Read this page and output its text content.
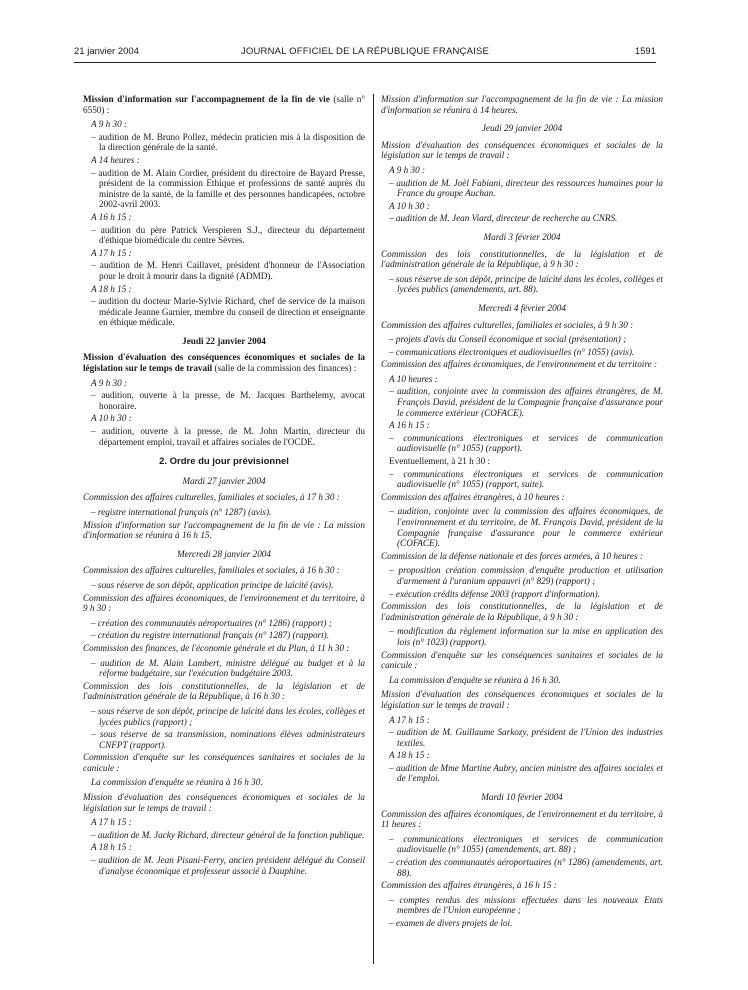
21 janvier 2004	JOURNAL OFFICIEL DE LA RÉPUBLIQUE FRANÇAISE	1591

Mission d'information sur l'accompagnement de la fin de vie (salle n° 6550) :

A 9 h 30 :
– audition de M. Bruno Pollez, médecin praticien mis à la disposition de la direction générale de la santé.
A 14 heures :
– audition de M. Alain Cordier, président du directoire de Bayard Presse, président de la commission Ethique et professions de santé auprès du ministre de la santé, de la famille et des personnes handicapées, octobre 2002-avril 2003.
A 16 h 15 :
– audition du père Patrick Verspieren S.J., directeur du département d'éthique biomédicale du centre Sèvres.
A 17 h 15 :
– audition de M. Henri Caillavet, président d'honneur de l'Association pour le droit à mourir dans la dignité (ADMD).
A 18 h 15 :
– audition du docteur Marie-Sylvie Richard, chef de service de la maison médicale Jeanne Garnier, membre du conseil de direction et enseignante en éthique médicale.
Jeudi 22 janvier 2004

Mission d'évaluation des conséquences économiques et sociales de la législation sur le temps de travail (salle de la commission des finances) :

A 9 h 30 :
– audition, ouverte à la presse, de M. Jacques Barthelemy, avocat honoraire.
A 10 h 30 :
– audition, ouverte à la presse, de M. John Martin, directeur du département emploi, travail et affaires sociales de l'OCDE.
2. Ordre du jour prévisionnel
Mardi 27 janvier 2004

Commission des affaires culturelles, familiales et sociales, à 17 h 30 :

– registre international français (n° 1287) (avis).

Mission d'information sur l'accompagnement de la fin de vie : La mission d'information se réunira à 16 h 15.

Mercredi 28 janvier 2004

Commission des affaires culturelles, familiales et sociales, à 16 h 30 :

– sous réserve de son dépôt, application principe de laïcité (avis).

Commission des affaires économiques, de l'environnement et du territoire, à 9 h 30 :

– création des communautés aéroportuaires (n° 1286) (rapport) ;
– création du registre international français (n° 1287) (rapport).

Commission des finances, de l'économie générale et du Plan, à 11 h 30 :

– audition de M. Alain Lambert, ministre délégué au budget et à la réforme budgétaire, sur l'exécution budgétaire 2003.

Commission des lois constitutionnelles, de la législation et de l'administration générale de la République, à 16 h 30 :

– sous réserve de son dépôt, principe de laïcité dans les écoles, collèges et lycées publics (rapport) ;
– sous réserve de sa transmission, nominations élèves administrateurs CNFPT (rapport).

Commission d'enquête sur les conséquences sanitaires et sociales de la canicule :

La commission d'enquête se réunira à 16 h 30.

Mission d'évaluation des conséquences économiques et sociales de la législation sur le temps de travail :

A 17 h 15 :
– audition de M. Jacky Richard, directeur général de la fonction publique.
A 18 h 15 :
– audition de M. Jean Pisani-Ferry, ancien président délégué du Conseil d'analyse économique et professeur associé à Dauphine.

Mission d'information sur l'accompagnement de la fin de vie : La mission d'information se réunira à 14 heures.

Jeudi 29 janvier 2004

Mission d'évaluation des conséquences économiques et sociales de la législation sur le temps de travail :

A 9 h 30 :
– audition de M. Joël Fabiani, directeur des ressources humaines pour la France du groupe Auchan.
A 10 h 30 :
– audition de M. Jean Viard, directeur de recherche au CNRS.
Mardi 3 février 2004

Commission des lois constitutionnelles, de la législation et de l'administration générale de la République, à 9 h 30 :

– sous réserve de son dépôt, principe de laïcité dans les écoles, collèges et lycées publics (amendements, art. 88).
Mercredi 4 février 2004

Commission des affaires culturelles, familiales et sociales, à 9 h 30 :

– projets d'avis du Conseil économique et social (présentation) ;
– communications électroniques et audiovisuelles (n° 1055) (avis).

Commission des affaires économiques, de l'environnement et du territoire :

A 10 heures :
– audition, conjointe avec la commission des affaires étrangères, de M. François David, président de la Compagnie française d'assurance pour le commerce extérieur (COFACE).
A 16 h 15 :
– communications électroniques et services de communication audiovisuelle (n° 1055) (rapport).
Eventuellement, à 21 h 30 :
– communications électroniques et services de communication audiovisuelle (n° 1055) (rapport, suite).

Commission des affaires étrangères, à 10 heures :

– audition, conjointe avec la commission des affaires économiques, de l'environnement et du territoire, de M. François David, président de la Compagnie française d'assurance pour le commerce extérieur (COFACE).

Commission de la défense nationale et des forces armées, à 10 heures :

– proposition création commission d'enquête production et utilisation d'armement à l'uranium appauvri (n° 829) (rapport) ;
– exécution crédits défense 2003 (rapport d'information).

Commission des lois constitutionnelles, de la législation et de l'administration générale de la République, à 9 h 30 :

– modification du règlement information sur la mise en application des lois (n° 1023) (rapport).

Commission d'enquête sur les conséquences sanitaires et sociales de la canicule :

La commission d'enquête se réunira à 16 h 30.

Mission d'évaluation des conséquences économiques et sociales de la législation sur le temps de travail :

A 17 h 15 :
– audition de M. Guillaume Sarkozy, président de l'Union des industries textiles.
A 18 h 15 :
– audition de Mme Martine Aubry, ancien ministre des affaires sociales et de l'emploi.
Mardi 10 février 2004

Commission des affaires économiques, de l'environnement et du territoire, à 11 heures :

– communications électroniques et services de communication audiovisuelle (n° 1055) (amendements, art. 88) ;
– création des communautés aéroportuaires (n° 1286) (amendements, art. 88).

Commission des affaires étrangères, à 16 h 15 :

– comptes rendus des missions effectuées dans les nouveaux Etats membres de l'Union européenne ;
– examen de divers projets de loi.
